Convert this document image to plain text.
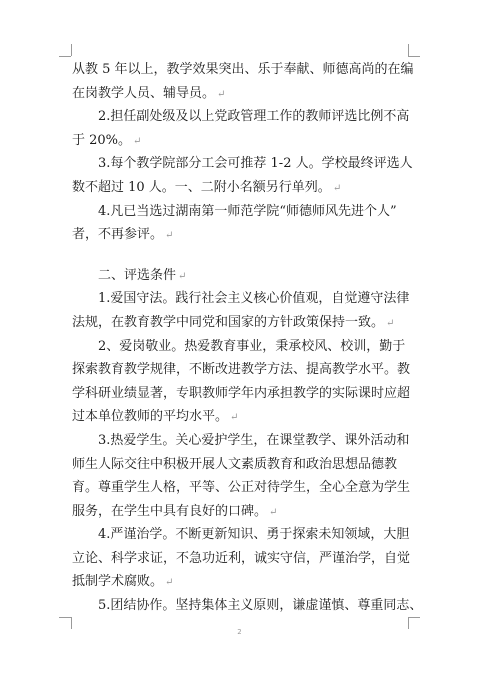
从教 5 年以上，教学效果突出、乐于奉献、师德高尚的在编
在岗教学人员、辅导员。 ↵
2.担任副处级及以上党政管理工作的教师评选比例不高
于 20%。 ↵
3.每个教学院部分工会可推荐 1-2 人。学校最终评选人
数不超过 10 人。一、二附小名额另行单列。 ↵
4.凡已当选过湖南第一师范学院“师德师风先进个人”
者，不再参评。 ↵
二、评选条件 ↵
1.爱国守法。践行社会主义核心价值观，自觉遵守法律
法规，在教育教学中同党和国家的方针政策保持一致。 ↵
2、爱岗敬业。热爱教育事业，秉承校风、校训，勤于
探索教育教学规律，不断改进教学方法、提高教学水平。教
学科研业绩显著，专职教师学年内承担教学的实际课时应超
过本单位教师的平均水平。 ↵
3.热爱学生。关心爱护学生，在课堂教学、课外活动和
师生人际交往中积极开展人文素质教育和政治思想品德教
育。尊重学生人格，平等、公正对待学生，全心全意为学生
服务，在学生中具有良好的口碑。 ↵
4.严谨治学。不断更新知识、勇于探索未知领域，大胆
立论、科学求证，不急功近利，诚实守信，严谨治学，自觉
抵制学术腐败。 ↵
5.团结协作。坚持集体主义原则，谦虚谨慎、尊重同志、
2
